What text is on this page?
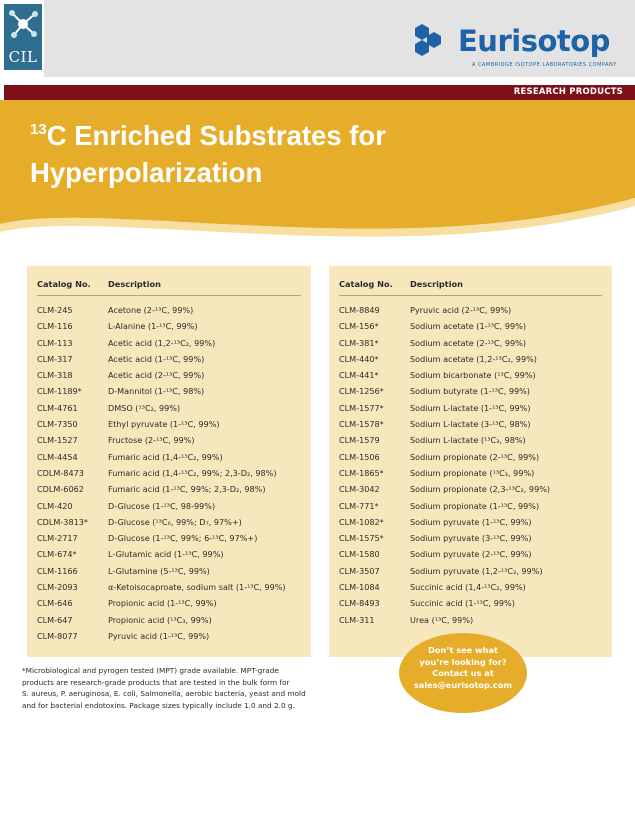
CIL	Eurisotop
A CAMBRIDGE ISOTOPE LABORATORIES COMPANY
RESEARCH PRODUCTS
$^{13}$C Enriched Substrates for
Hyperpolarization
Catalog No.	Description
CLM-245	Acetone (2-¹³C, 99%)
CLM-116	L-Alanine (1-¹³C, 99%)
CLM-113	Acetic acid (1,2-¹³C₂, 99%)
CLM-317	Acetic acid (1-¹³C, 99%)
CLM-318	Acetic acid (2-¹³C, 99%)
CLM-1189*	D-Mannitol (1-¹³C, 98%)
CLM-4761	DMSO (¹³C₂, 99%)
CLM-7350	Ethyl pyruvate (1-¹³C, 99%)
CLM-1527	Fructose (2-¹³C, 99%)
CLM-4454	Fumaric acid (1,4-¹³C₂, 99%)
CDLM-8473	Fumaric acid (1,4-¹³C₂, 99%; 2,3-D₂, 98%)
CDLM-6062	Fumaric acid (1-¹³C, 99%; 2,3-D₂, 98%)
CLM-420	D-Glucose (1-¹³C, 98-99%)
CDLM-3813*	D-Glucose (¹³C₆, 99%; D₇, 97%+)
CLM-2717	D-Glucose (1-¹³C, 99%; 6-¹³C, 97%+)
CLM-674*	L-Glutamic acid (1-¹³C, 99%)
CLM-1166	L-Glutamine (5-¹³C, 99%)
CLM-2093	α-Ketoisocaproate, sodium salt (1-¹³C, 99%)
CLM-646	Propionic acid (1-¹³C, 99%)
CLM-647	Propionic acid (¹³C₃, 99%)
CLM-8077	Pyruvic acid (1-¹³C, 99%)
Catalog No.	Description
CLM-8849	Pyruvic acid (2-¹³C, 99%)
CLM-156*	Sodium acetate (1-¹³C, 99%)
CLM-381*	Sodium acetate (2-¹³C, 99%)
CLM-440*	Sodium acetate (1,2-¹³C₂, 99%)
CLM-441*	Sodium bicarbonate (¹³C, 99%)
CLM-1256*	Sodium butyrate (1-¹³C, 99%)
CLM-1577*	Sodium L-lactate (1-¹³C, 99%)
CLM-1578*	Sodium L-lactate (3-¹³C, 98%)
CLM-1579	Sodium L-lactate (¹³C₃, 98%)
CLM-1506	Sodium propionate (2-¹³C, 99%)
CLM-1865*	Sodium propionate (¹³C₃, 99%)
CLM-3042	Sodium propionate (2,3-¹³C₂, 99%)
CLM-771*	Sodium propionate (1-¹³C, 99%)
CLM-1082*	Sodium pyruvate (1-¹³C, 99%)
CLM-1575*	Sodium pyruvate (3-¹³C, 99%)
CLM-1580	Sodium pyruvate (2-¹³C, 99%)
CLM-3507	Sodium pyruvate (1,2-¹³C₂, 99%)
CLM-1084	Succinic acid (1,4-¹³C₂, 99%)
CLM-8493	Succinic acid (1-¹³C, 99%)
CLM-311	Urea (¹³C, 99%)

*Microbiological and pyrogen tested (MPT) grade available. MPT-grade

products are research-grade products that are tested in the bulk form for

S. aureus, P. aeruginosa, E. coli, Salmonella, aerobic bacteria, yeast and mold

and for bacterial endotoxins. Package sizes typically include 1.0 and 2.0 g.

Don’t see what
you’re looking for?
Contact us at
sales@eurisotop.com
